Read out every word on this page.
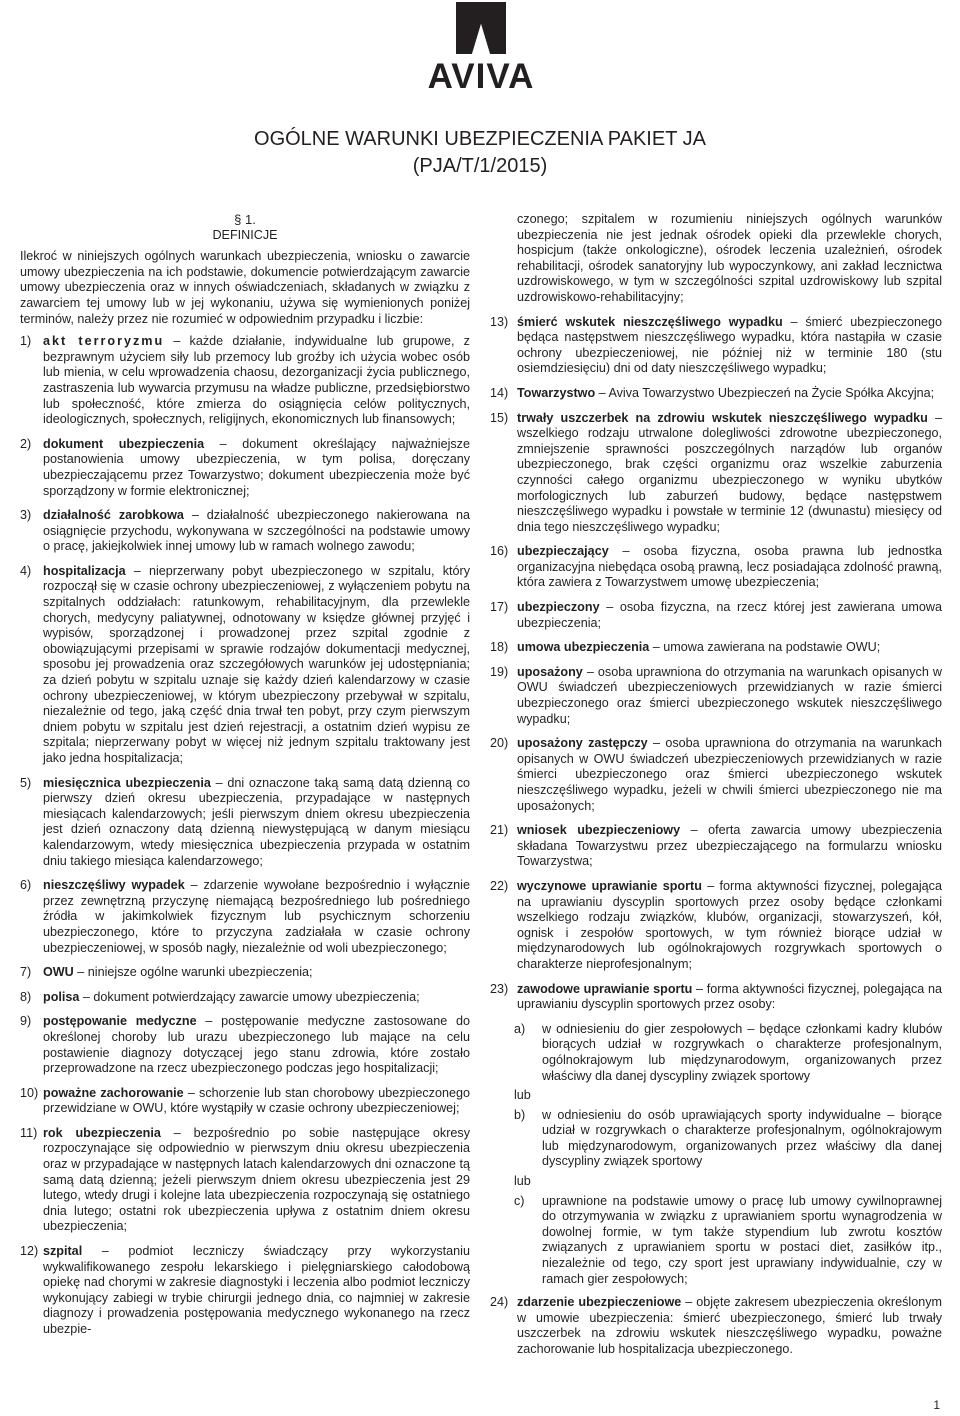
AVIVA
OGÓLNE WARUNKI UBEZPIECZENIA PAKIET JA
(PJA/T/1/2015)
§ 1.
DEFINICJE

Ilekroć w niniejszych ogólnych warunkach ubezpieczenia, wniosku o zawarcie umowy ubezpieczenia na ich podstawie, dokumencie potwierdzającym zawarcie umowy ubezpieczenia oraz w innych oświadczeniach, składanych w związku z zawarciem tej umowy lub w jej wykonaniu, używa się wymienionych poniżej terminów, należy przez nie rozumieć w odpowiednim przypadku i liczbie:

1) akt terroryzmu – każde działanie, indywidualne lub grupowe, z bezprawnym użyciem siły lub przemocy lub groźby ich użycia wobec osób lub mienia, w celu wprowadzenia chaosu, dezorganizacji życia publicznego, zastraszenia lub wywarcia przymusu na władze publiczne, przedsiębiorstwo lub społeczność, które zmierza do osiągnięcia celów politycznych, ideologicznych, społecznych, religijnych, ekonomicznych lub finansowych;
2) dokument ubezpieczenia – dokument określający najważniejsze postanowienia umowy ubezpieczenia, w tym polisa, doręczany ubezpieczającemu przez Towarzystwo; dokument ubezpieczenia może być sporządzony w formie elektronicznej;
3) działalność zarobkowa – działalność ubezpieczonego nakierowana na osiągnięcie przychodu, wykonywana w szczególności na podstawie umowy o pracę, jakiejkolwiek innej umowy lub w ramach wolnego zawodu;
4) hospitalizacja – nieprzerwany pobyt ubezpieczonego w szpitalu, który rozpoczął się w czasie ochrony ubezpieczeniowej, z wyłączeniem pobytu na szpitalnych oddziałach: ratunkowym, rehabilitacyjnym, dla przewlekle chorych, medycyny paliatywnej, odnotowany w księdze głównej przyjęć i wypisów, sporządzonej i prowadzonej przez szpital zgodnie z obowiązującymi przepisami w sprawie rodzajów dokumentacji medycznej, sposobu jej prowadzenia oraz szczegółowych warunków jej udostępniania; za dzień pobytu w szpitalu uznaje się każdy dzień kalendarzowy w czasie ochrony ubezpieczeniowej, w którym ubezpieczony przebywał w szpitalu, niezależnie od tego, jaką część dnia trwał ten pobyt, przy czym pierwszym dniem pobytu w szpitalu jest dzień rejestracji, a ostatnim dzień wypisu ze szpitala; nieprzerwany pobyt w więcej niż jednym szpitalu traktowany jest jako jedna hospitalizacja;
5) miesięcznica ubezpieczenia – dni oznaczone taką samą datą dzienną co pierwszy dzień okresu ubezpieczenia, przypadające w następnych miesiącach kalendarzowych; jeśli pierwszym dniem okresu ubezpieczenia jest dzień oznaczony datą dzienną niewystępującą w danym miesiącu kalendarzowym, wtedy miesięcznica ubezpieczenia przypada w ostatnim dniu takiego miesiąca kalendarzowego;
6) nieszczęśliwy wypadek – zdarzenie wywołane bezpośrednio i wyłącznie przez zewnętrzną przyczynę niemającą bezpośredniego lub pośredniego źródła w jakimkolwiek fizycznym lub psychicznym schorzeniu ubezpieczonego, które to przyczyna zadziałała w czasie ochrony ubezpieczeniowej, w sposób nagły, niezależnie od woli ubezpieczonego;
7) OWU – niniejsze ogólne warunki ubezpieczenia;
8) polisa – dokument potwierdzający zawarcie umowy ubezpieczenia;
9) postępowanie medyczne – postępowanie medyczne zastosowane do określonej choroby lub urazu ubezpieczonego lub mające na celu postawienie diagnozy dotyczącej jego stanu zdrowia, które zostało przeprowadzone na rzecz ubezpieczonego podczas jego hospitalizacji;
10) poważne zachorowanie – schorzenie lub stan chorobowy ubezpieczonego przewidziane w OWU, które wystąpiły w czasie ochrony ubezpieczeniowej;
11) rok ubezpieczenia – bezpośrednio po sobie następujące okresy rozpoczynające się odpowiednio w pierwszym dniu okresu ubezpieczenia oraz w przypadające w następnych latach kalendarzowych dni oznaczone tą samą datą dzienną; jeżeli pierwszym dniem okresu ubezpieczenia jest 29 lutego, wtedy drugi i kolejne lata ubezpieczenia rozpoczynają się ostatniego dnia lutego; ostatni rok ubezpieczenia upływa z ostatnim dniem okresu ubezpieczenia;
12) szpital – podmiot leczniczy świadczący przy wykorzystaniu wykwalifikowanego zespołu lekarskiego i pielęgniarskiego całodobową opiekę nad chorymi w zakresie diagnostyki i leczenia albo podmiot leczniczy wykonujący zabiegi w trybie chirurgii jednego dnia, co najmniej w zakresie diagnozy i prowadzenia postępowania medycznego wykonanego na rzecz ubezpie-
czonego; szpitalem w rozumieniu niniejszych ogólnych warunków ubezpieczenia nie jest jednak ośrodek opieki dla przewlekle chorych, hospicjum (także onkologiczne), ośrodek leczenia uzależnień, ośrodek rehabilitacji, ośrodek sanatoryjny lub wypoczynkowy, ani zakład lecznictwa uzdrowiskowego, w tym w szczególności szpital uzdrowiskowy lub szpital uzdrowiskowo-rehabilitacyjny;
13) śmierć wskutek nieszczęśliwego wypadku – śmierć ubezpieczonego będąca następstwem nieszczęśliwego wypadku, która nastąpiła w czasie ochrony ubezpieczeniowej, nie później niż w terminie 180 (stu osiemdziesięciu) dni od daty nieszczęśliwego wypadku;
14) Towarzystwo – Aviva Towarzystwo Ubezpieczeń na Życie Spółka Akcyjna;
15) trwały uszczerbek na zdrowiu wskutek nieszczęśliwego wypadku – wszelkiego rodzaju utrwalone dolegliwości zdrowotne ubezpieczonego, zmniejszenie sprawności poszczególnych narządów lub organów ubezpieczonego, brak części organizmu oraz wszelkie zaburzenia czynności całego organizmu ubezpieczonego w wyniku ubytków morfologicznych lub zaburzeń budowy, będące następstwem nieszczęśliwego wypadku i powstałe w terminie 12 (dwunastu) miesięcy od dnia tego nieszczęśliwego wypadku;
16) ubezpieczający – osoba fizyczna, osoba prawna lub jednostka organizacyjna niebędąca osobą prawną, lecz posiadająca zdolność prawną, która zawiera z Towarzystwem umowę ubezpieczenia;
17) ubezpieczony – osoba fizyczna, na rzecz której jest zawierana umowa ubezpieczenia;
18) umowa ubezpieczenia – umowa zawierana na podstawie OWU;
19) uposażony – osoba uprawniona do otrzymania na warunkach opisanych w OWU świadczeń ubezpieczeniowych przewidzianych w razie śmierci ubezpieczonego oraz śmierci ubezpieczonego wskutek nieszczęśliwego wypadku;
20) uposażony zastępczy – osoba uprawniona do otrzymania na warunkach opisanych w OWU świadczeń ubezpieczeniowych przewidzianych w razie śmierci ubezpieczonego oraz śmierci ubezpieczonego wskutek nieszczęśliwego wypadku, jeżeli w chwili śmierci ubezpieczonego nie ma uposażonych;
21) wniosek ubezpieczeniowy – oferta zawarcia umowy ubezpieczenia składana Towarzystwu przez ubezpieczającego na formularzu wniosku Towarzystwa;
22) wyczynowe uprawianie sportu – forma aktywności fizycznej, polegająca na uprawianiu dyscyplin sportowych przez osoby będące członkami wszelkiego rodzaju związków, klubów, organizacji, stowarzyszeń, kół, ognisk i zespołów sportowych, w tym również biorące udział w międzynarodowych lub ogólnokrajowych rozgrywkach sportowych o charakterze nieprofesjonalnym;
23) zawodowe uprawianie sportu – forma aktywności fizycznej, polegająca na uprawianiu dyscyplin sportowych przez osoby:
a) w odniesieniu do gier zespołowych – będące członkami kadry klubów biorących udział w rozgrywkach o charakterze profesjonalnym, ogólnokrajowym lub międzynarodowym, organizowanych przez właściwy dla danej dyscypliny związek sportowy
lub
b) w odniesieniu do osób uprawiających sporty indywidualne – biorące udział w rozgrywkach o charakterze profesjonalnym, ogólnokrajowym lub międzynarodowym, organizowanych przez właściwy dla danej dyscypliny związek sportowy
lub
c) uprawnione na podstawie umowy o pracę lub umowy cywilnoprawnej do otrzymywania w związku z uprawianiem sportu wynagrodzenia w dowolnej formie, w tym także stypendium lub zwrotu kosztów związanych z uprawianiem sportu w postaci diet, zasiłków itp., niezależnie od tego, czy sport jest uprawiany indywidualnie, czy w ramach gier zespołowych;
24) zdarzenie ubezpieczeniowe – objęte zakresem ubezpieczenia określonym w umowie ubezpieczenia: śmierć ubezpieczonego, śmierć lub trwały uszczerbek na zdrowiu wskutek nieszczęśliwego wypadku, poważne zachorowanie lub hospitalizacja ubezpieczonego.
1
